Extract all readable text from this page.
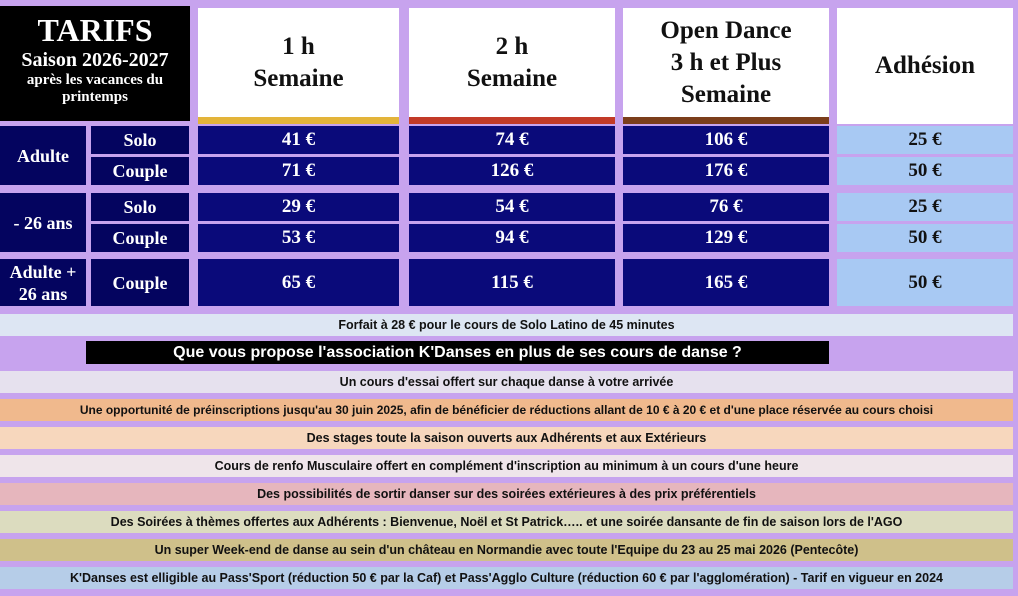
TARIFS
Saison 2026-2027
après les vacances du printemps
1 h
Semaine
2 h
Semaine
Open Dance
3 h et Plus
Semaine
Adhésion
Adulte
- 26 ans
Adulte + 26 ans
Solo	41 €	74 €	106 €	25 €
Couple	71 €	126 €	176 €	50 €
Solo	29 €	54 €	76 €	25 €
Couple	53 €	94 €	129 €	50 €
Couple	65 €	115 €	165 €	50 €
Forfait à 28 € pour le cours de Solo Latino de 45 minutes
Que vous propose l'association K'Danses en plus de ses cours de danse ?
Un cours d'essai offert sur chaque danse à votre arrivée
Une opportunité de préinscriptions jusqu'au 30 juin 2025, afin de bénéficier de réductions allant de 10 € à 20 € et d'une place réservée au cours choisi
Des stages toute la saison ouverts aux Adhérents et aux Extérieurs
Cours de renfo Musculaire offert en complément d'inscription au minimum à un cours d'une heure
Des possibilités de sortir danser sur des soirées extérieures à des prix préférentiels
Des Soirées à thèmes offertes aux Adhérents : Bienvenue, Noël et St Patrick….. et une soirée dansante de fin de saison lors de l'AGO
Un super Week-end de danse au sein d'un château en Normandie avec toute l'Equipe du 23 au 25 mai 2026 (Pentecôte)
K'Danses est elligible au Pass'Sport (réduction 50 € par la Caf) et Pass'Agglo Culture (réduction 60 € par l'agglomération) - Tarif en vigueur en 2024
